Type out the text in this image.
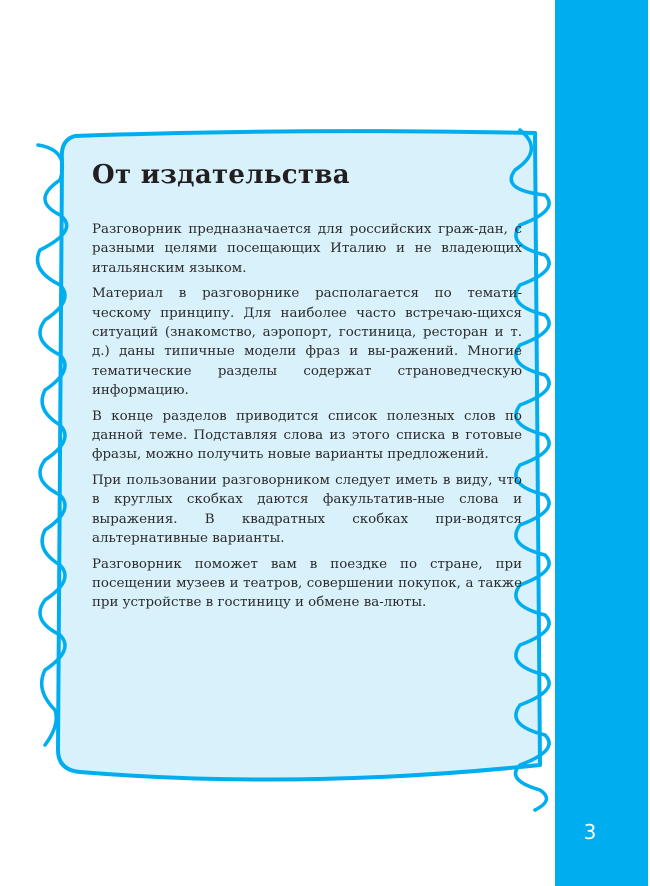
3
От издательства

Разговорник предназначается для российских граж-дан, с разными целями посещающих Италию и не владеющих итальянским языком.

Материал в разговорнике располагается по темати-ческому принципу. Для наиболее часто встречаю-щихся ситуаций (знакомство, аэропорт, гостиница, ресторан и т. д.) даны типичные модели фраз и вы-ражений. Многие тематические разделы содержат страноведческую информацию.

В конце разделов приводится список полезных слов по данной теме. Подставляя слова из этого списка в готовые фразы, можно получить новые варианты предложений.

При пользовании разговорником следует иметь в виду, что в круглых скобках даются факультатив-ные слова и выражения. В квадратных скобках при-водятся альтернативные варианты.

Разговорник поможет вам в поездке по стране, при посещении музеев и театров, совершении покупок, а также при устройстве в гостиницу и обмене ва-люты.
